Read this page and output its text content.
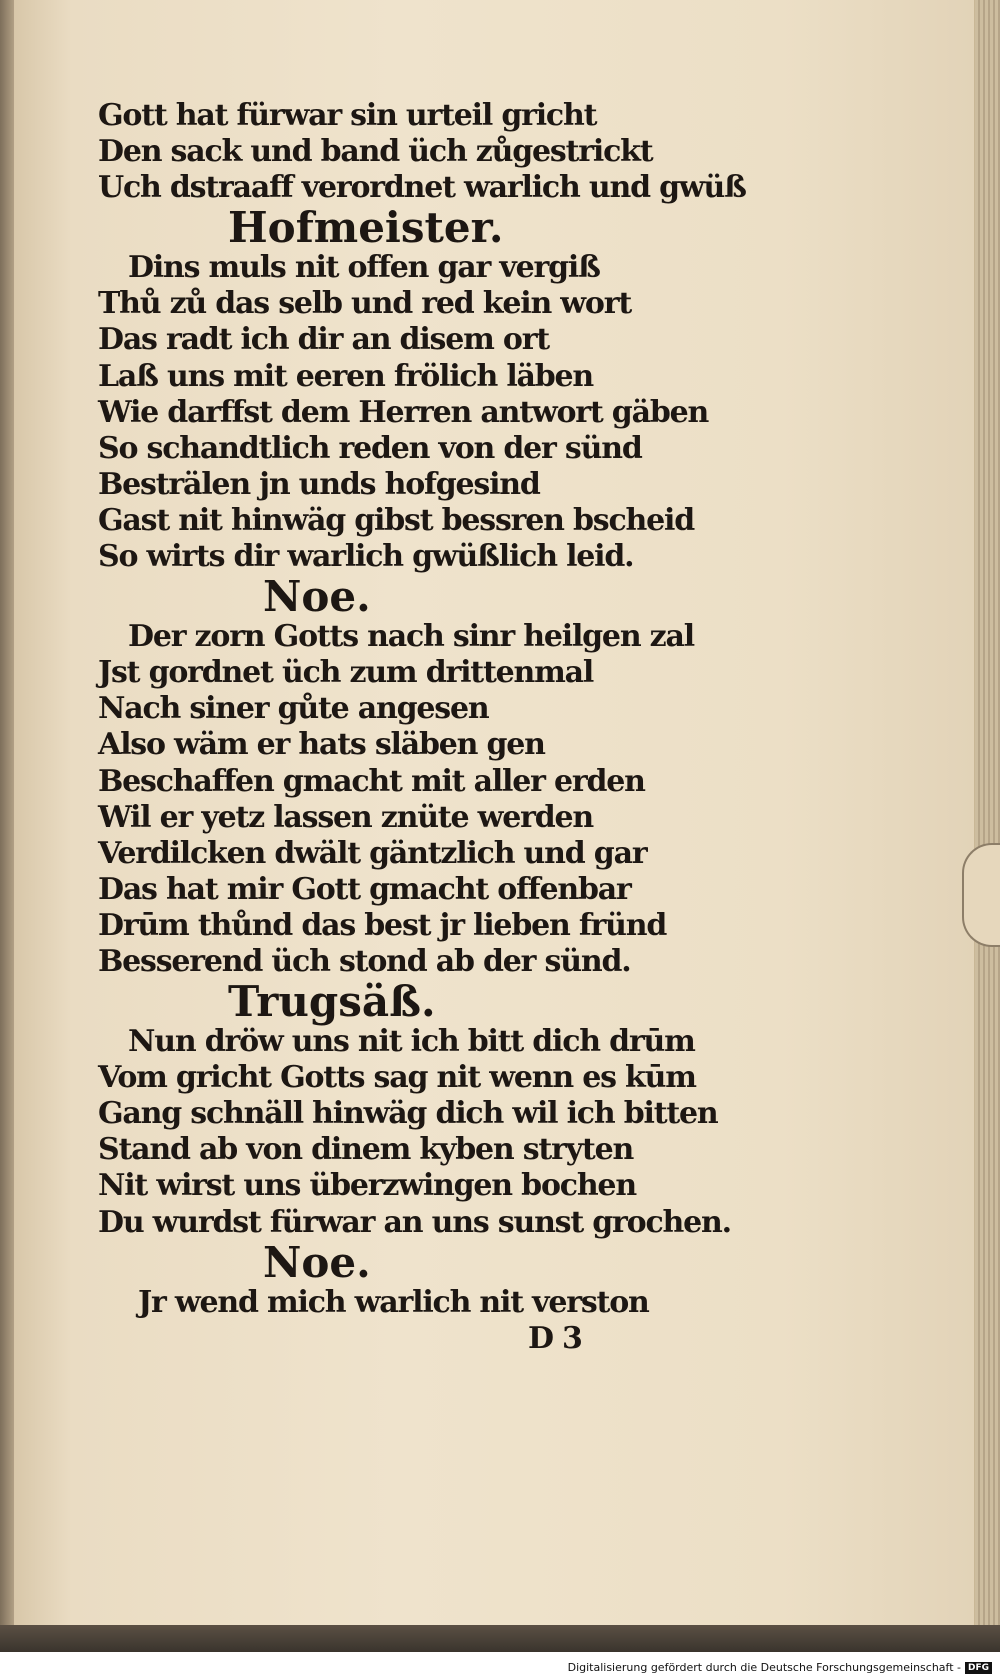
Gott hat fürwar sin urteil gricht
Den sack und band üch zůgestrickt
Uch dstraaff verordnet warlich und gwüß
Hofmeister.
Dins muls nit offen gar vergiß
Thů zů das selb und red kein wort
Das radt ich dir an disem ort
Laß uns mit eeren frölich läben
Wie darffst dem Herren antwort gäben
So schandtlich reden von der sünd
Besträlen jn unds hofgesind
Gast nit hinwäg gibst bessren bscheid
So wirts dir warlich gwüßlich leid.
Noe.
Der zorn Gotts nach sinr heilgen zal
Jst gordnet üch zum drittenmal
Nach siner gůte angesen
Also wäm er hats släben gen
Beschaffen gmacht mit aller erden
Wil er yetz lassen znüte werden
Verdilcken dwält gäntzlich und gar
Das hat mir Gott gmacht offenbar
Drūm thůnd das best jr lieben fründ
Besserend üch stond ab der sünd.
Trugsäß.
Nun dröw uns nit ich bitt dich drūm
Vom gricht Gotts sag nit wenn es kūm
Gang schnäll hinwäg dich wil ich bitten
Stand ab von dinem kyben stryten
Nit wirst uns überzwingen bochen
Du wurdst fürwar an uns sunst grochen.
Noe.
Jr wend mich warlich nit verston
D 3
Digitalisierung gefördert durch die Deutsche Forschungsgemeinschaft - DFG
